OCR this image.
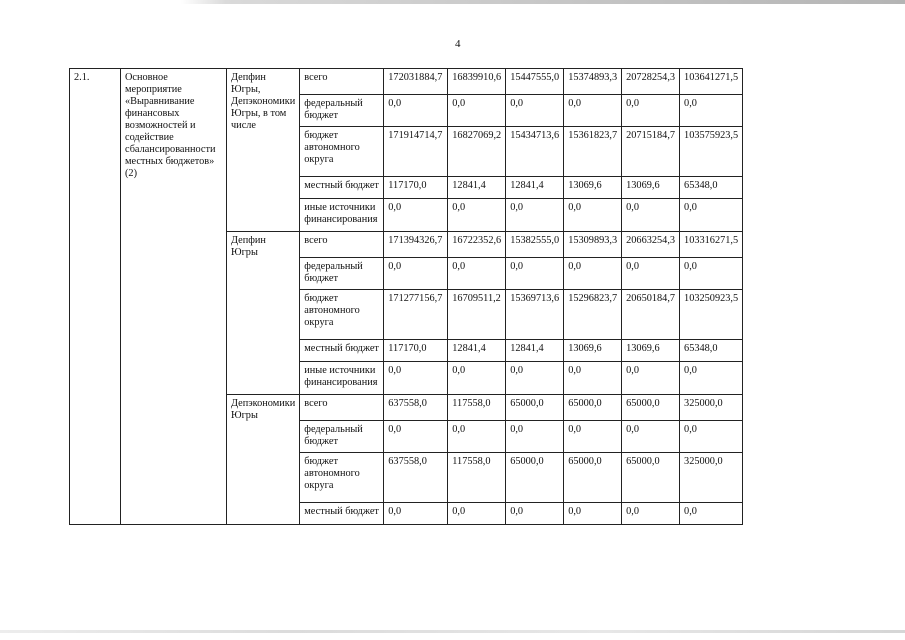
4
2.1.	Основное мероприятие «Выравнивание финансовых возможностей и содействие сбалансированности местных бюджетов» (2)	Депфин Югры, Депэкономики Югры, в том числе	всего	172031884,7	16839910,6	15447555,0	15374893,3	20728254,3	103641271,5
			федеральный бюджет	0,0	0,0	0,0	0,0	0,0	0,0
			бюджет автономного округа	171914714,7	16827069,2	15434713,6	15361823,7	20715184,7	103575923,5
			местный бюджет	117170,0	12841,4	12841,4	13069,6	13069,6	65348,0
			иные источники финансирования	0,0	0,0	0,0	0,0	0,0	0,0
		Депфин Югры	всего	171394326,7	16722352,6	15382555,0	15309893,3	20663254,3	103316271,5
			федеральный бюджет	0,0	0,0	0,0	0,0	0,0	0,0
			бюджет автономного округа	171277156,7	16709511,2	15369713,6	15296823,7	20650184,7	103250923,5
			местный бюджет	117170,0	12841,4	12841,4	13069,6	13069,6	65348,0
			иные источники финансирования	0,0	0,0	0,0	0,0	0,0	0,0
		Депэкономики Югры	всего	637558,0	117558,0	65000,0	65000,0	65000,0	325000,0
			федеральный бюджет	0,0	0,0	0,0	0,0	0,0	0,0
			бюджет автономного округа	637558,0	117558,0	65000,0	65000,0	65000,0	325000,0
			местный бюджет	0,0	0,0	0,0	0,0	0,0	0,0
